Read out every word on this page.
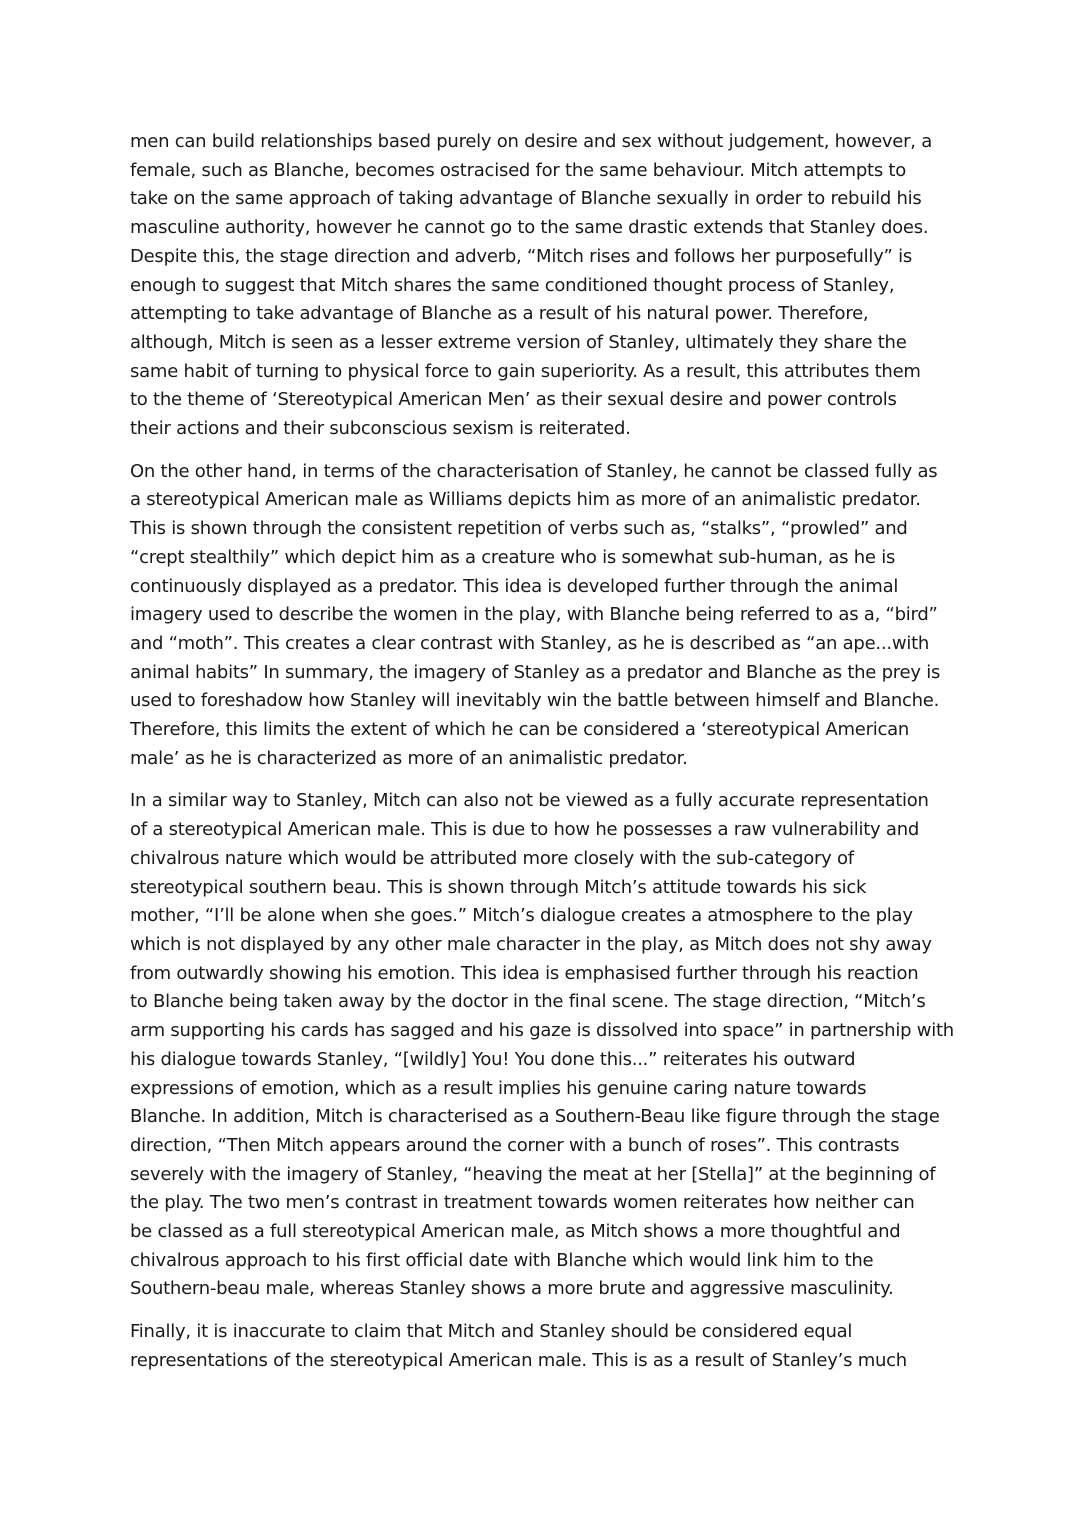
men can build relationships based purely on desire and sex without judgement, however, a
female, such as Blanche, becomes ostracised for the same behaviour. Mitch attempts to
take on the same approach of taking advantage of Blanche sexually in order to rebuild his
masculine authority, however he cannot go to the same drastic extends that Stanley does.
Despite this, the stage direction and adverb, “Mitch rises and follows her purposefully” is
enough to suggest that Mitch shares the same conditioned thought process of Stanley,
attempting to take advantage of Blanche as a result of his natural power. Therefore,
although, Mitch is seen as a lesser extreme version of Stanley, ultimately they share the
same habit of turning to physical force to gain superiority. As a result, this attributes them
to the theme of ‘Stereotypical American Men’ as their sexual desire and power controls
their actions and their subconscious sexism is reiterated.

On the other hand, in terms of the characterisation of Stanley, he cannot be classed fully as
a stereotypical American male as Williams depicts him as more of an animalistic predator.
This is shown through the consistent repetition of verbs such as, “stalks”, “prowled” and
“crept stealthily” which depict him as a creature who is somewhat sub-human, as he is
continuously displayed as a predator. This idea is developed further through the animal
imagery used to describe the women in the play, with Blanche being referred to as a, “bird”
and “moth”. This creates a clear contrast with Stanley, as he is described as “an ape...with
animal habits” In summary, the imagery of Stanley as a predator and Blanche as the prey is
used to foreshadow how Stanley will inevitably win the battle between himself and Blanche.
Therefore, this limits the extent of which he can be considered a ‘stereotypical American
male’ as he is characterized as more of an animalistic predator.

In a similar way to Stanley, Mitch can also not be viewed as a fully accurate representation
of a stereotypical American male. This is due to how he possesses a raw vulnerability and
chivalrous nature which would be attributed more closely with the sub-category of
stereotypical southern beau. This is shown through Mitch’s attitude towards his sick
mother, “I’ll be alone when she goes.” Mitch’s dialogue creates a atmosphere to the play
which is not displayed by any other male character in the play, as Mitch does not shy away
from outwardly showing his emotion. This idea is emphasised further through his reaction
to Blanche being taken away by the doctor in the final scene. The stage direction, “Mitch’s
arm supporting his cards has sagged and his gaze is dissolved into space” in partnership with
his dialogue towards Stanley, “[wildly] You! You done this...” reiterates his outward
expressions of emotion, which as a result implies his genuine caring nature towards
Blanche. In addition, Mitch is characterised as a Southern-Beau like figure through the stage
direction, “Then Mitch appears around the corner with a bunch of roses”. This contrasts
severely with the imagery of Stanley, “heaving the meat at her [Stella]” at the beginning of
the play. The two men’s contrast in treatment towards women reiterates how neither can
be classed as a full stereotypical American male, as Mitch shows a more thoughtful and
chivalrous approach to his first official date with Blanche which would link him to the
Southern-beau male, whereas Stanley shows a more brute and aggressive masculinity.

Finally, it is inaccurate to claim that Mitch and Stanley should be considered equal
representations of the stereotypical American male. This is as a result of Stanley’s much
